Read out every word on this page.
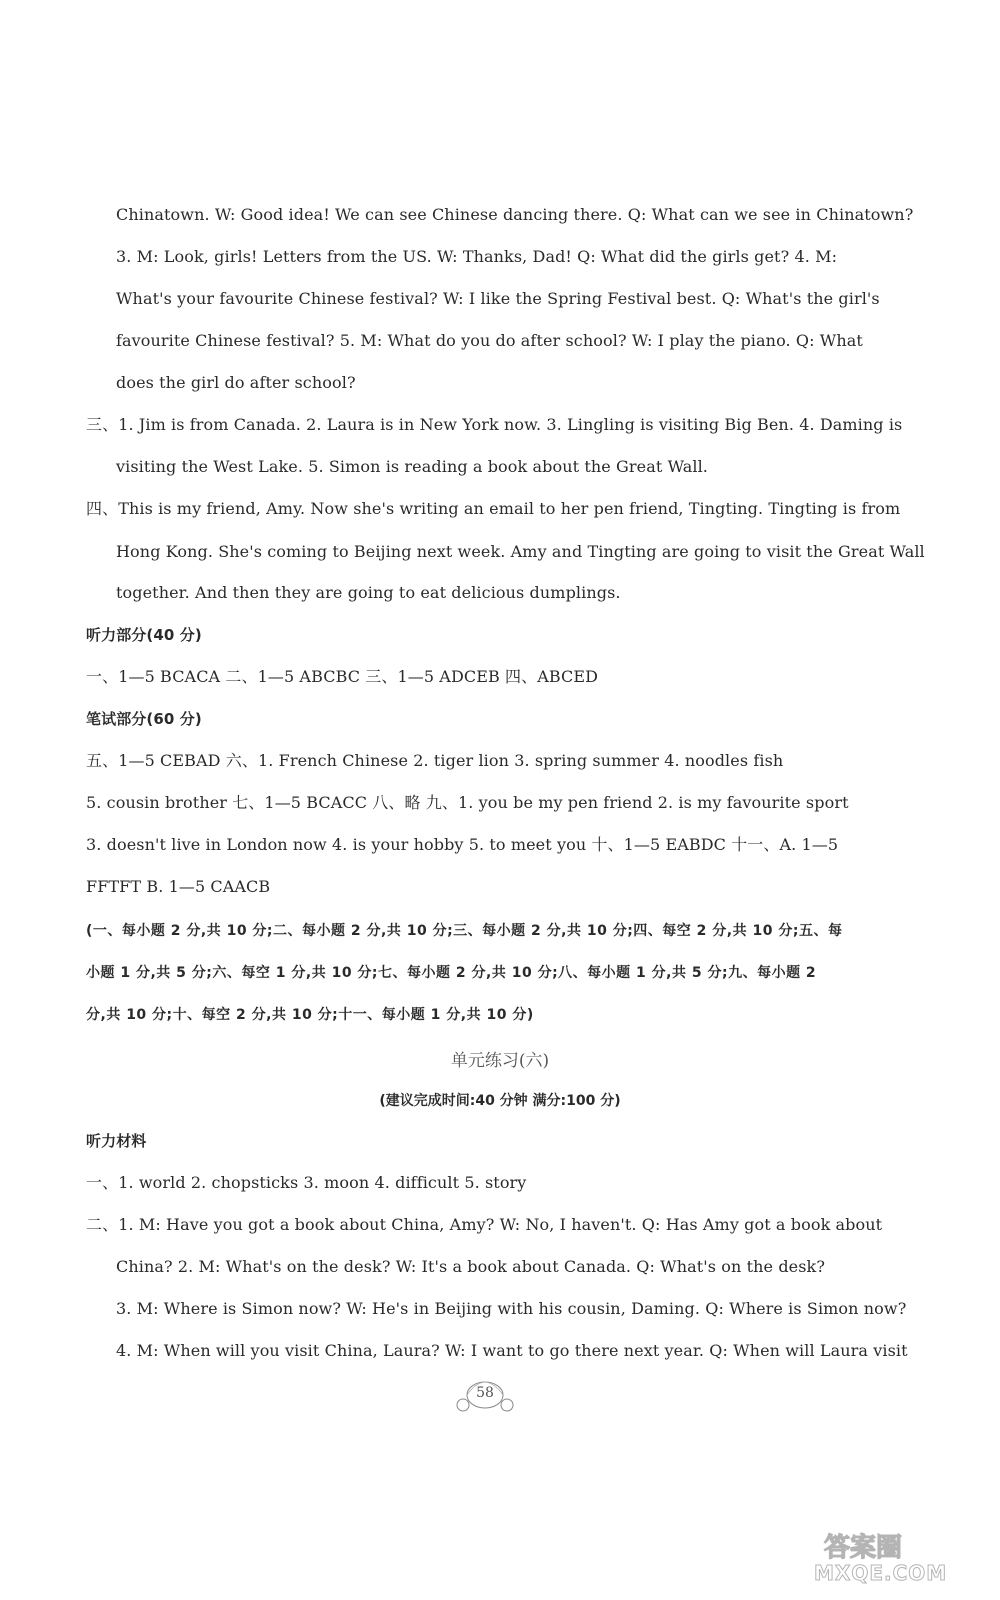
Chinatown. W: Good idea! We can see Chinese dancing there. Q: What can we see in Chinatown?
3. M: Look, girls! Letters from the US. W: Thanks, Dad! Q: What did the girls get? 4. M:
What's your favourite Chinese festival? W: I like the Spring Festival best. Q: What's the girl's
favourite Chinese festival? 5. M: What do you do after school? W: I play the piano. Q: What
does the girl do after school?
三、1. Jim is from Canada. 2. Laura is in New York now. 3. Lingling is visiting Big Ben. 4. Daming is
visiting the West Lake. 5. Simon is reading a book about the Great Wall.
四、This is my friend, Amy. Now she's writing an email to her pen friend, Tingting. Tingting is from
Hong Kong. She's coming to Beijing next week. Amy and Tingting are going to visit the Great Wall
together. And then they are going to eat delicious dumplings.
听力部分(40 分)
一、1—5 BCACA 二、1—5 ABCBC 三、1—5 ADCEB 四、ABCED
笔试部分(60 分)
五、1—5 CEBAD 六、1. French Chinese 2. tiger lion 3. spring summer 4. noodles fish
5. cousin brother 七、1—5 BCACC 八、略 九、1. you be my pen friend 2. is my favourite sport
3. doesn't live in London now 4. is your hobby 5. to meet you 十、1—5 EABDC 十一、A. 1—5
FFTFT B. 1—5 CAACB
(一、每小题 2 分,共 10 分;二、每小题 2 分,共 10 分;三、每小题 2 分,共 10 分;四、每空 2 分,共 10 分;五、每
小题 1 分,共 5 分;六、每空 1 分,共 10 分;七、每小题 2 分,共 10 分;八、每小题 1 分,共 5 分;九、每小题 2
分,共 10 分;十、每空 2 分,共 10 分;十一、每小题 1 分,共 10 分)
单元练习(六)
(建议完成时间:40 分钟 满分:100 分)
听力材料
一、1. world 2. chopsticks 3. moon 4. difficult 5. story
二、1. M: Have you got a book about China, Amy? W: No, I haven't. Q: Has Amy got a book about
China? 2. M: What's on the desk? W: It's a book about Canada. Q: What's on the desk?
3. M: Where is Simon now? W: He's in Beijing with his cousin, Daming. Q: Where is Simon now?
4. M: When will you visit China, Laura? W: I want to go there next year. Q: When will Laura visit
58
答案圈
MXQE.COM
